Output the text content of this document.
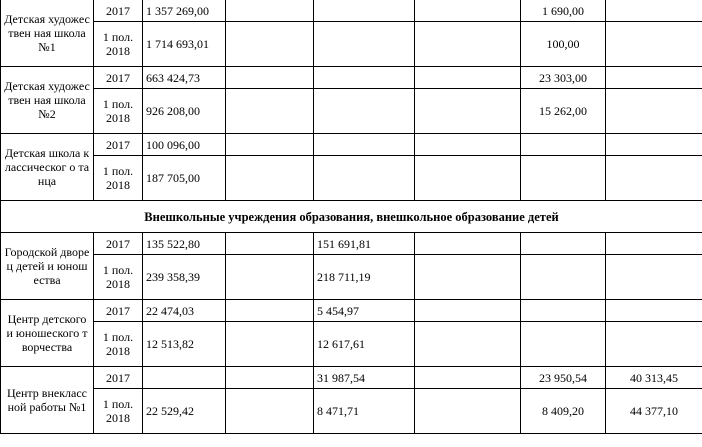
Детская художествен ная школа №1	2017	1 357 269,00				1 690,00	
	1 пол. 2018	1 714 693,01				100,00	

Детская художествен ная школа №2	2017	663 424,73				23 303,00	
	1 пол. 2018	926 208,00				15 262,00	

Детская школа классическог о танца	2017	100 096,00					
	1 пол. 2018	187 705,00					
Внешкольные учреждения образования, внешкольное образование детей							

Городской дворец детей и юношества	2017	135 522,80		151 691,81			
	1 пол. 2018	239 358,39		218 711,19			

Центр детского и юношеского творчества	2017	22 474,03		5 454,97			
	1 пол. 2018	12 513,82		12 617,61			

Центр внеклассной работы №1	2017			31 987,54		23 950,54	40 313,45
	1 пол. 2018	22 529,42		8 471,71		8 409,20	44 377,10
